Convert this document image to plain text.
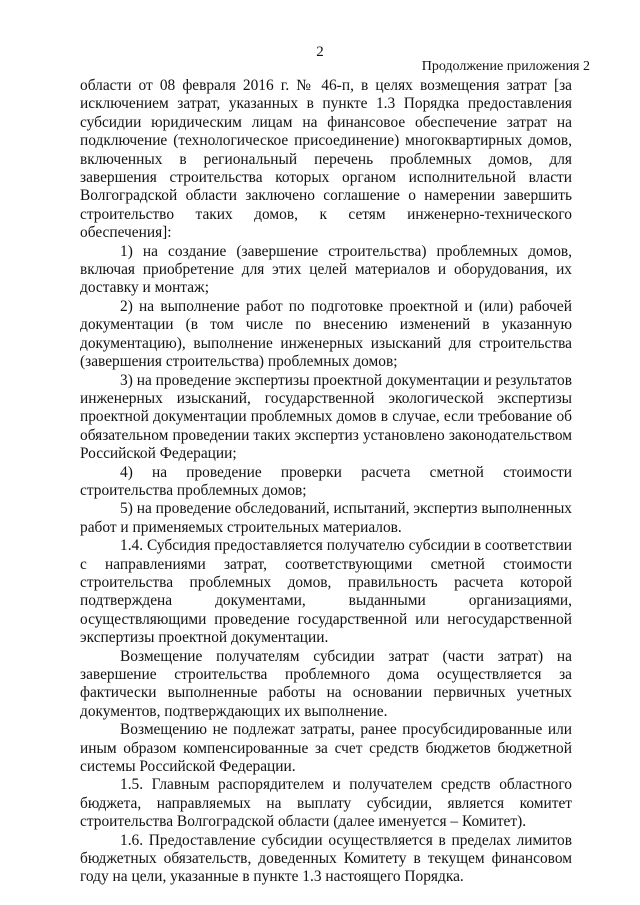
2
Продолжение приложения 2

области от 08 февраля 2016 г. № 46-п, в целях возмещения затрат [за исключением затрат, указанных в пункте 1.3 Порядка предоставления субсидии юридическим лицам на финансовое обеспечение затрат на подключение (технологическое присоединение) многоквартирных домов, включенных в региональный перечень проблемных домов, для завершения строительства которых органом исполнительной власти Волгоградской области заключено соглашение о намерении завершить строительство таких домов, к сетям инженерно-технического обеспечения]:

1) на создание (завершение строительства) проблемных домов, включая приобретение для этих целей материалов и оборудования, их доставку и монтаж;

2) на выполнение работ по подготовке проектной и (или) рабочей документации (в том числе по внесению изменений в указанную документацию), выполнение инженерных изысканий для строительства (завершения строительства) проблемных домов;

3) на проведение экспертизы проектной документации и результатов инженерных изысканий, государственной экологической экспертизы проектной документации проблемных домов в случае, если требование об обязательном проведении таких экспертиз установлено законодательством Российской Федерации;

4) на проведение проверки расчета сметной стоимости строительства проблемных домов;

5) на проведение обследований, испытаний, экспертиз выполненных работ и применяемых строительных материалов.

1.4. Субсидия предоставляется получателю субсидии в соответствии с направлениями затрат, соответствующими сметной стоимости строительства проблемных домов, правильность расчета которой подтверждена документами, выданными организациями, осуществляющими проведение государственной или негосударственной экспертизы проектной документации.

Возмещение получателям субсидии затрат (части затрат) на завершение строительства проблемного дома осуществляется за фактически выполненные работы на основании первичных учетных документов, подтверждающих их выполнение.

Возмещению не подлежат затраты, ранее просубсидированные или иным образом компенсированные за счет средств бюджетов бюджетной системы Российской Федерации.

1.5. Главным распорядителем и получателем средств областного бюджета, направляемых на выплату субсидии, является комитет строительства Волгоградской области (далее именуется – Комитет).

1.6. Предоставление субсидии осуществляется в пределах лимитов бюджетных обязательств, доведенных Комитету в текущем финансовом году на цели, указанные в пункте 1.3 настоящего Порядка.
